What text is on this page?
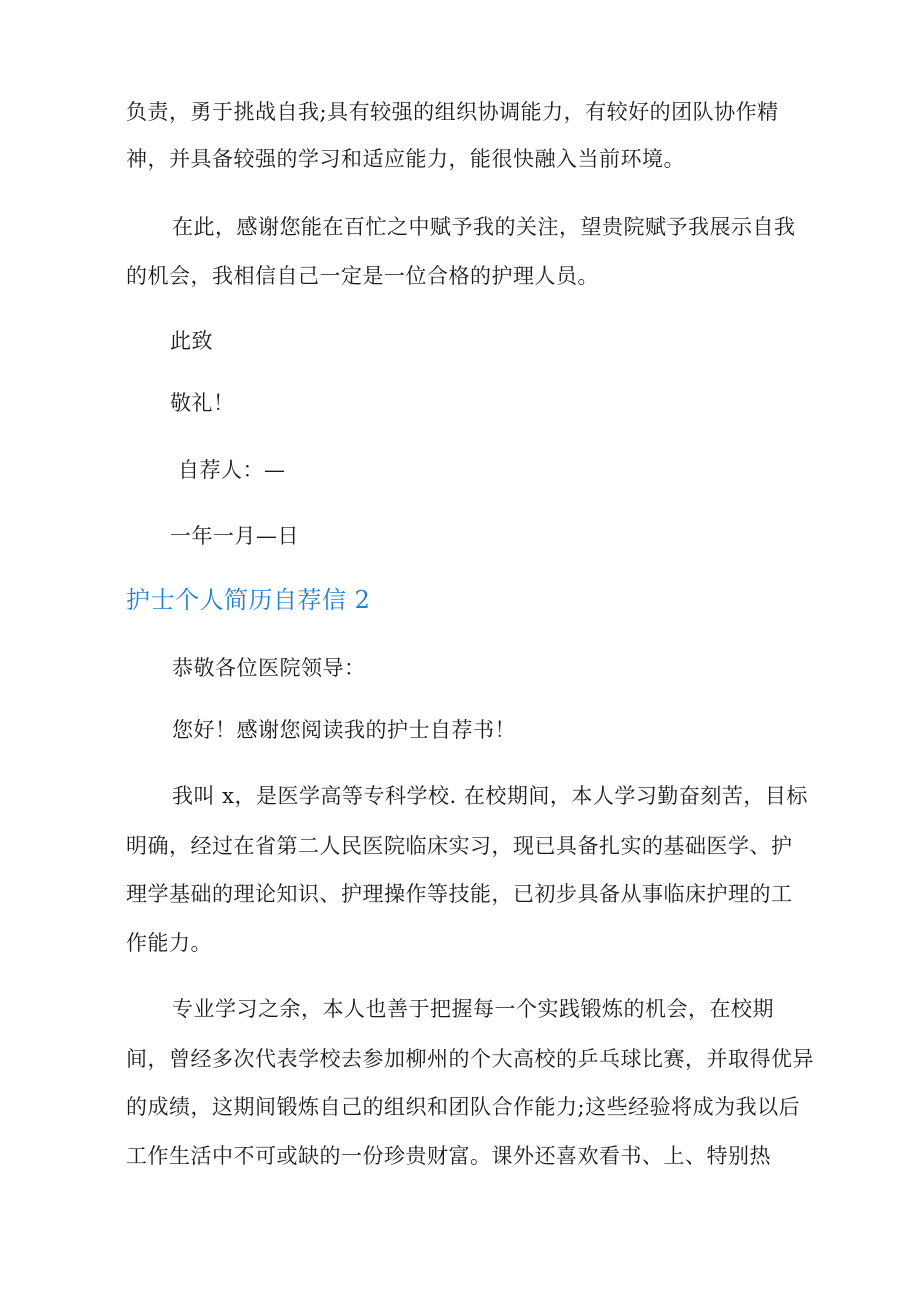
负责，勇于挑战自我;具有较强的组织协调能力，有较好的团队协作精
神，并具备较强的学习和适应能力，能很快融入当前环境。
在此，感谢您能在百忙之中赋予我的关注，望贵院赋予我展示自我
的机会，我相信自己一定是一位合格的护理人员。
此致
敬礼！
自荐人：—
一年一月—日
护士个人简历自荐信 2
恭敬各位医院领导：
您好！感谢您阅读我的护士自荐书！
我叫 x，是医学高等专科学校. 在校期间，本人学习勤奋刻苦，目标
明确，经过在省第二人民医院临床实习，现已具备扎实的基础医学、护
理学基础的理论知识、护理操作等技能，已初步具备从事临床护理的工
作能力。
专业学习之余，本人也善于把握每一个实践锻炼的机会，在校期
间，曾经多次代表学校去参加柳州的个大高校的乒乓球比赛，并取得优异
的成绩，这期间锻炼自己的组织和团队合作能力;这些经验将成为我以后
工作生活中不可或缺的一份珍贵财富。课外还喜欢看书、上、特别热
